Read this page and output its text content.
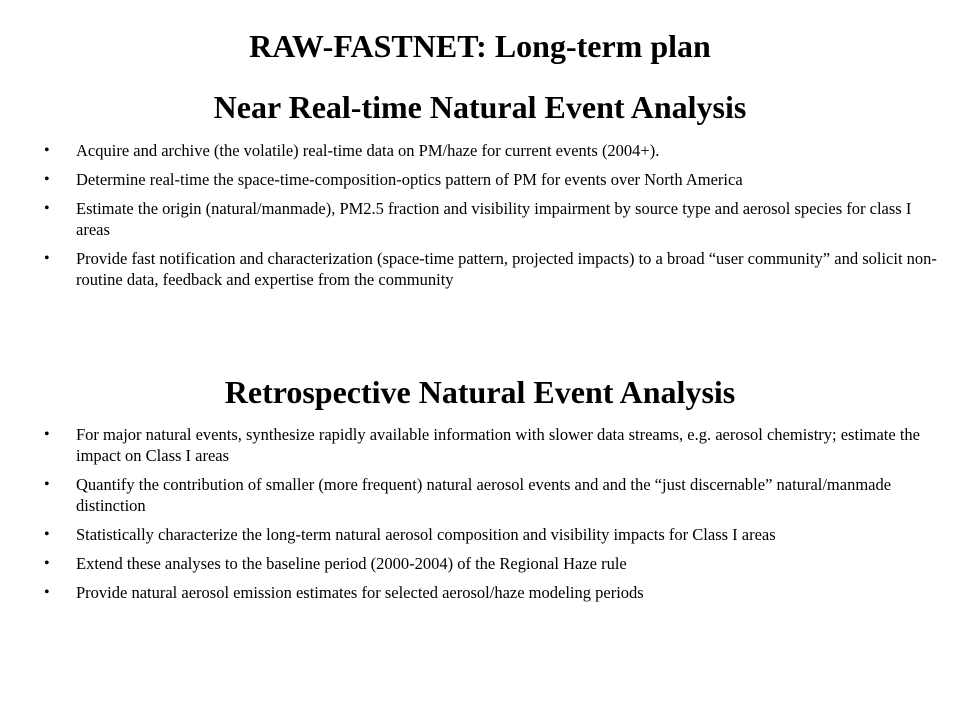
RAW-FASTNET: Long-term plan
Near Real-time Natural Event Analysis
• Acquire and archive (the volatile) real-time data on PM/haze for current events (2004+).
• Determine real-time the space-time-composition-optics pattern of PM for events over North America
• Estimate the origin (natural/manmade), PM2.5 fraction and visibility impairment by source type and aerosol species for class I areas
• Provide fast notification and characterization (space-time pattern, projected impacts) to a broad “user community” and solicit non-routine data, feedback and expertise from the community
Retrospective Natural Event Analysis
• For major natural events, synthesize rapidly available information with slower data streams, e.g. aerosol chemistry; estimate the impact on Class I areas
• Quantify the contribution of smaller (more frequent) natural aerosol events and and the “just discernable” natural/manmade distinction
• Statistically characterize the long-term natural aerosol composition and visibility impacts for Class I areas
• Extend these analyses to the baseline period (2000-2004) of the Regional Haze rule
• Provide natural aerosol emission estimates for selected aerosol/haze modeling periods
